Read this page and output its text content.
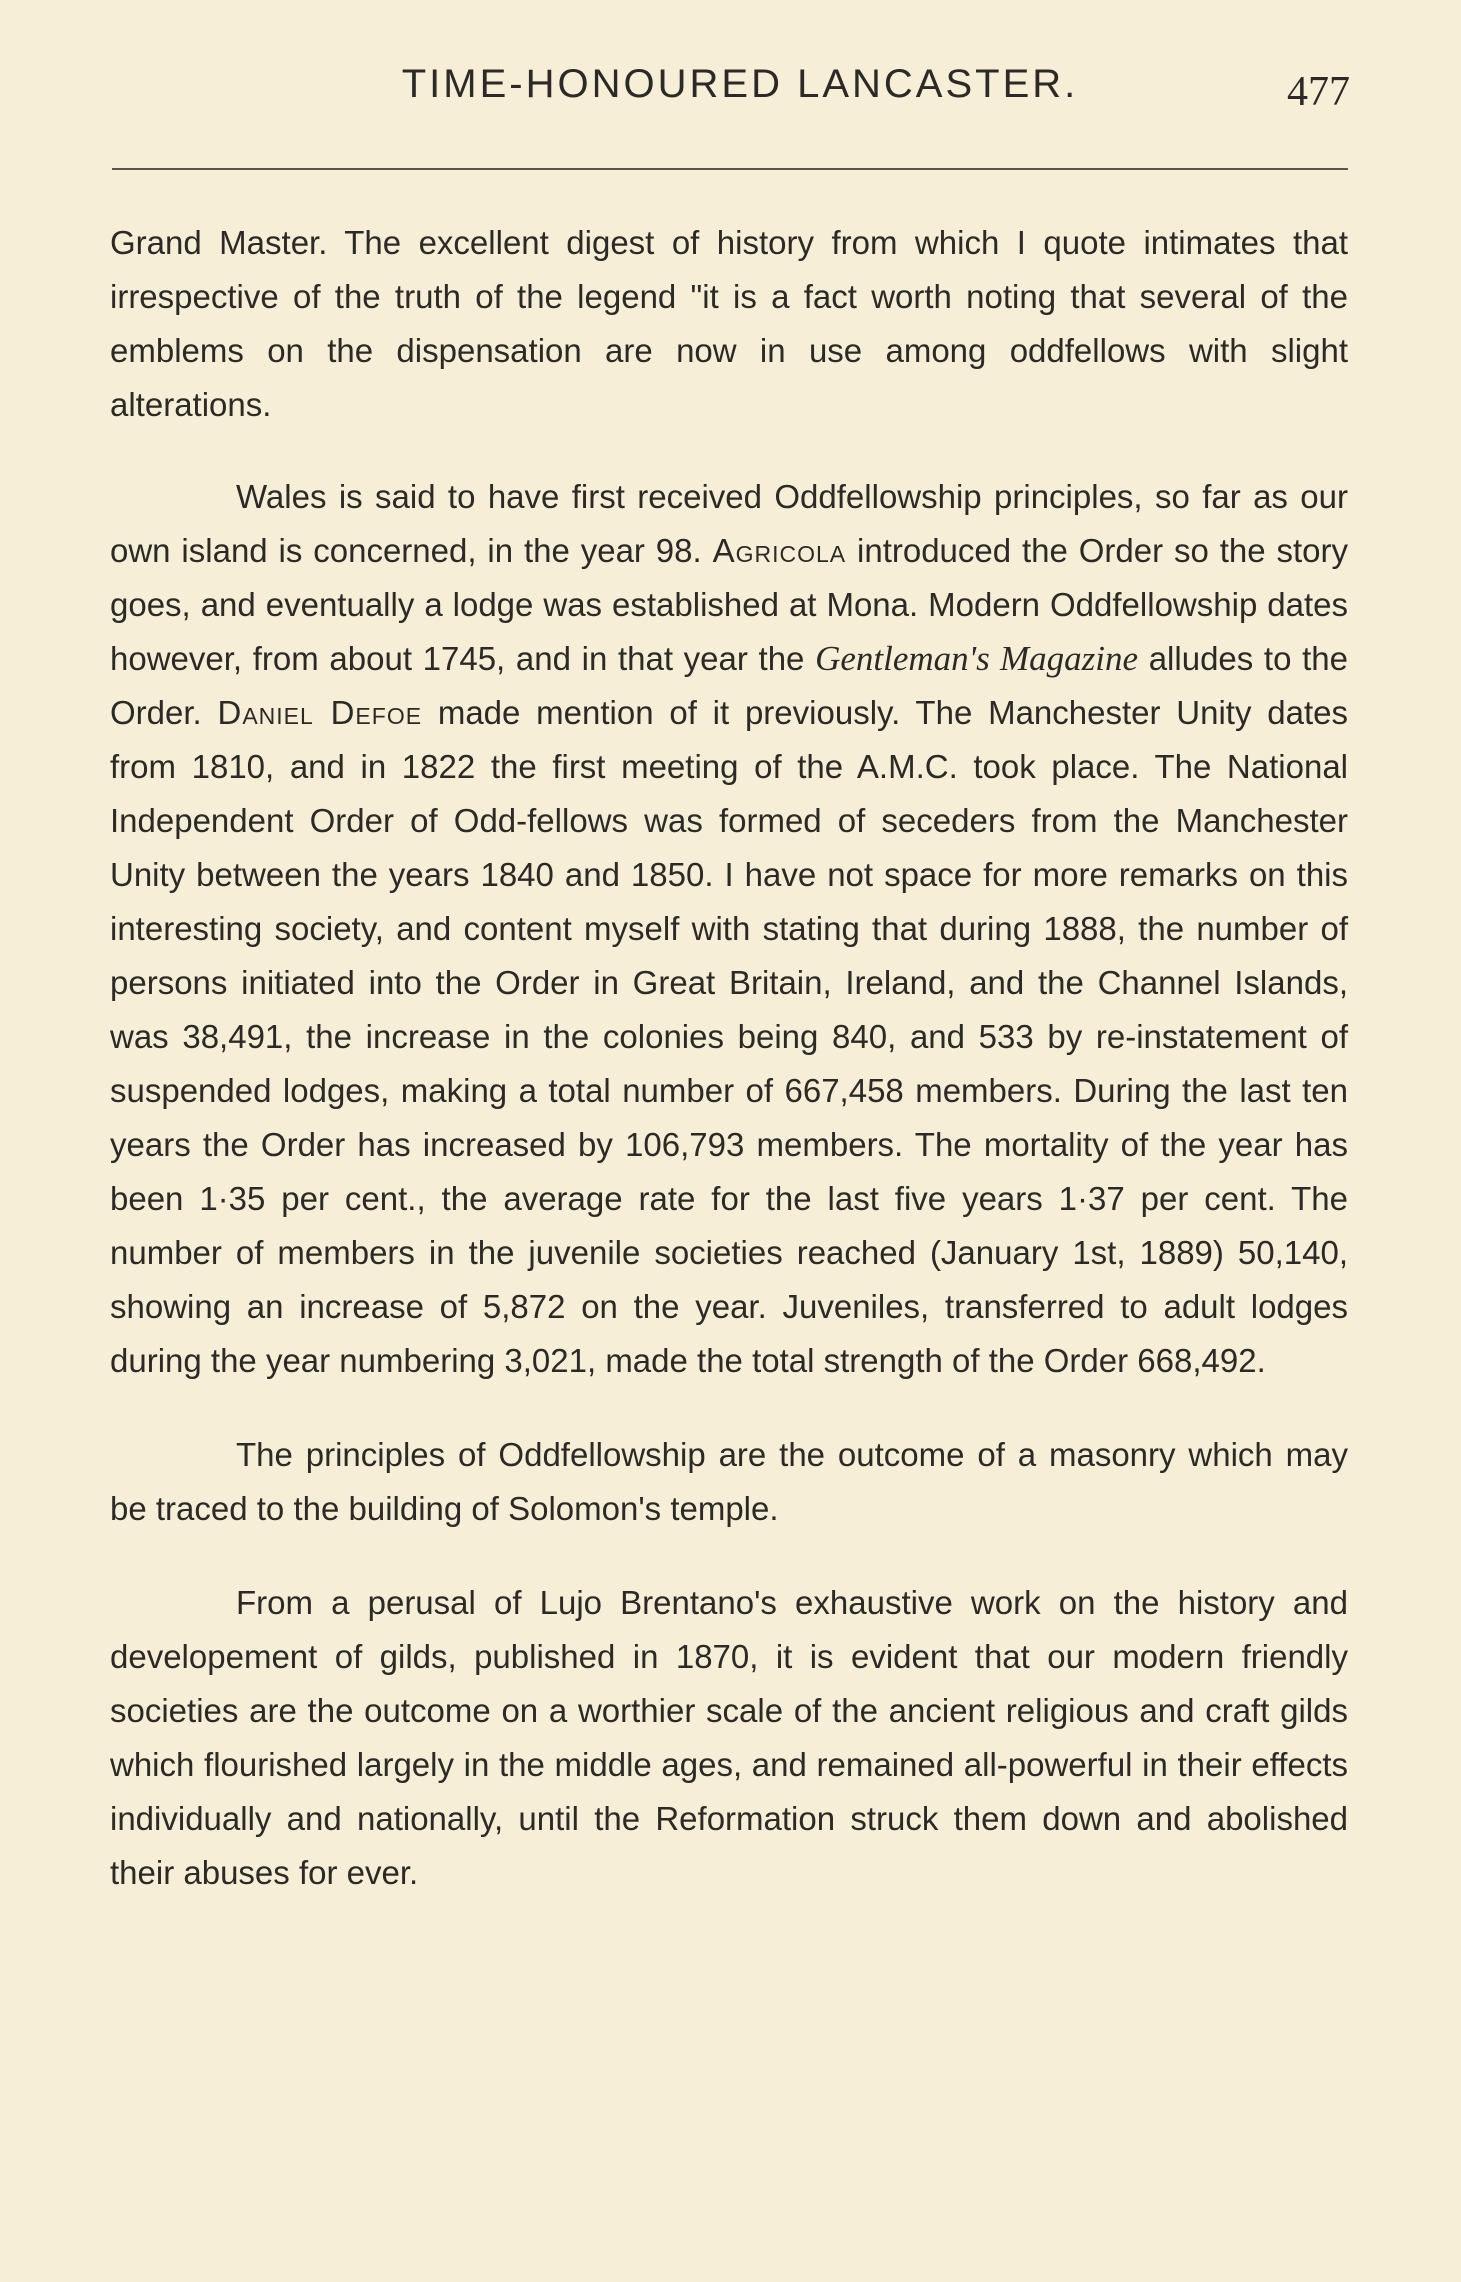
TIME-HONOURED LANCASTER.	477

Grand Master. The excellent digest of history from which I quote intimates that irrespective of the truth of the legend "it is a fact worth noting that several of the emblems on the dispensation are now in use among oddfellows with slight alterations.

Wales is said to have first received Oddfellowship principles, so far as our own island is concerned, in the year 98. Agricola introduced the Order so the story goes, and eventually a lodge was established at Mona. Modern Oddfellowship dates however, from about 1745, and in that year the Gentleman's Magazine alludes to the Order. Daniel Defoe made mention of it previously. The Manchester Unity dates from 1810, and in 1822 the first meeting of the A.M.C. took place. The National Independent Order of Odd-fellows was formed of seceders from the Manchester Unity between the years 1840 and 1850. I have not space for more remarks on this interesting society, and content myself with stating that during 1888, the number of persons initiated into the Order in Great Britain, Ireland, and the Channel Islands, was 38,491, the increase in the colonies being 840, and 533 by re-instatement of suspended lodges, making a total number of 667,458 members. During the last ten years the Order has increased by 106,793 members. The mortality of the year has been 1·35 per cent., the average rate for the last five years 1·37 per cent. The number of members in the juvenile societies reached (January 1st, 1889) 50,140, showing an increase of 5,872 on the year. Juveniles, transferred to adult lodges during the year numbering 3,021, made the total strength of the Order 668,492.

The principles of Oddfellowship are the outcome of a masonry which may be traced to the building of Solomon's temple.

From a perusal of Lujo Brentano's exhaustive work on the history and developement of gilds, published in 1870, it is evident that our modern friendly societies are the outcome on a worthier scale of the ancient religious and craft gilds which flourished largely in the middle ages, and remained all-powerful in their effects individually and nationally, until the Reformation struck them down and abolished their abuses for ever.
